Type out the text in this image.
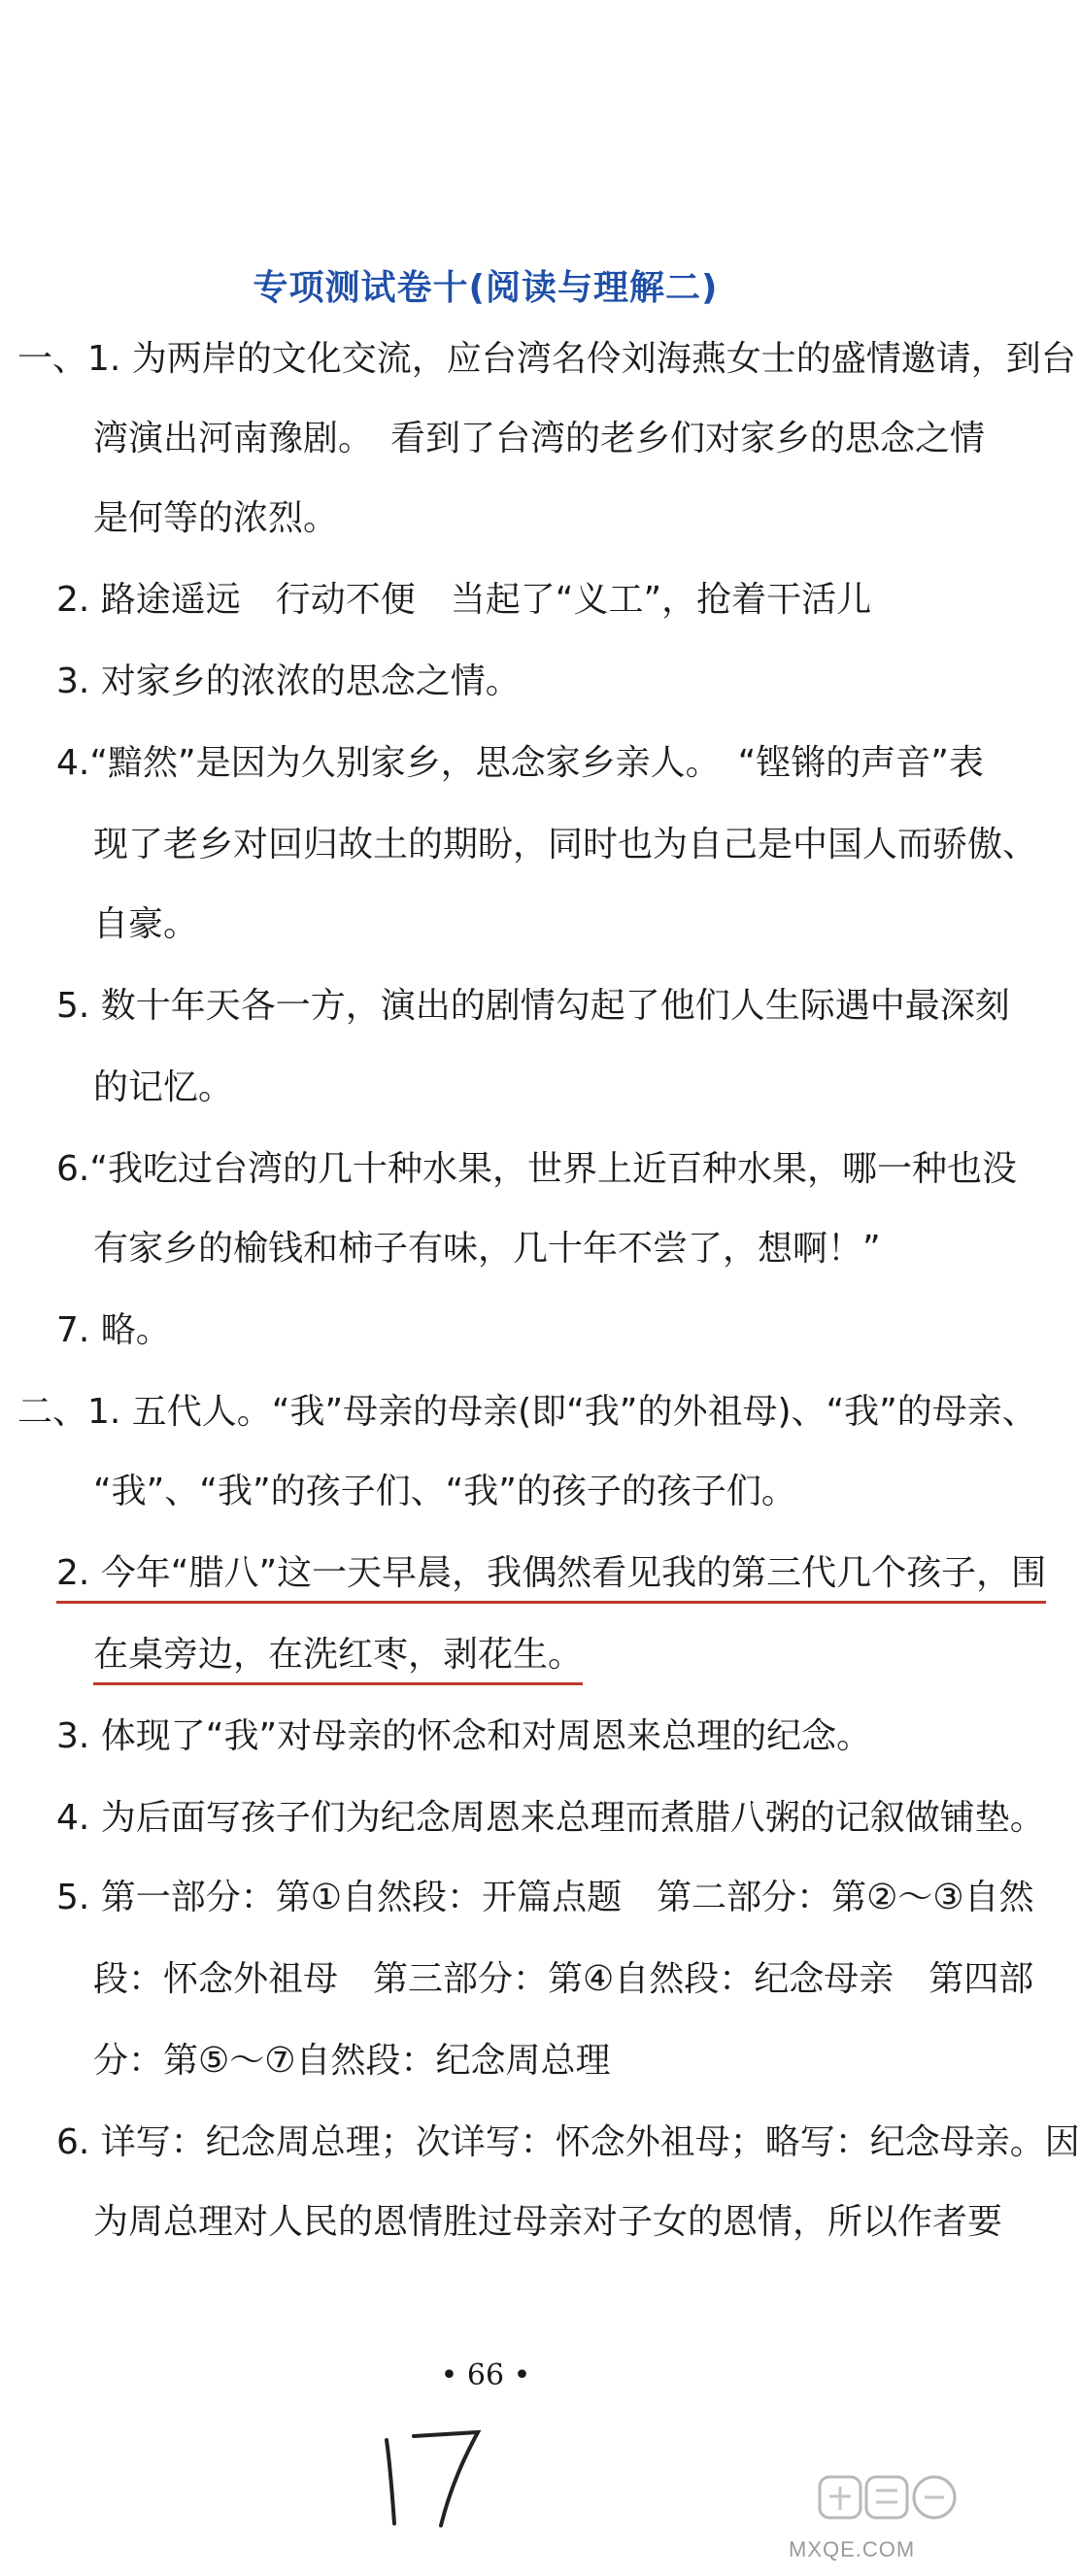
专项测试卷十(阅读与理解二)
一、1. 为两岸的文化交流，应台湾名伶刘海燕女士的盛情邀请，到台
湾演出河南豫剧。　看到了台湾的老乡们对家乡的思念之情
是何等的浓烈。
2. 路途遥远　行动不便　当起了“义工”，抢着干活儿
3. 对家乡的浓浓的思念之情。
4.“黯然”是因为久别家乡，思念家乡亲人。　“铿锵的声音”表
现了老乡对回归故土的期盼，同时也为自己是中国人而骄傲、
自豪。
5. 数十年天各一方，演出的剧情勾起了他们人生际遇中最深刻
的记忆。
6.“我吃过台湾的几十种水果，世界上近百种水果，哪一种也没
有家乡的榆钱和柿子有味，几十年不尝了，想啊！”
7. 略。
二、1. 五代人。“我”母亲的母亲(即“我”的外祖母)、“我”的母亲、
“我”、“我”的孩子们、“我”的孩子的孩子们。
2. 今年“腊八”这一天早晨，我偶然看见我的第三代几个孩子，围
在桌旁边，在洗红枣，剥花生。
3. 体现了“我”对母亲的怀念和对周恩来总理的纪念。
4. 为后面写孩子们为纪念周恩来总理而煮腊八粥的记叙做铺垫。
5. 第一部分：第①自然段：开篇点题　第二部分：第②～③自然
段：怀念外祖母　第三部分：第④自然段：纪念母亲　第四部
分：第⑤～⑦自然段：纪念周总理
6. 详写：纪念周总理；次详写：怀念外祖母；略写：纪念母亲。因
为周总理对人民的恩情胜过母亲对子女的恩情，所以作者要
• 66 •
MXQE.COM
